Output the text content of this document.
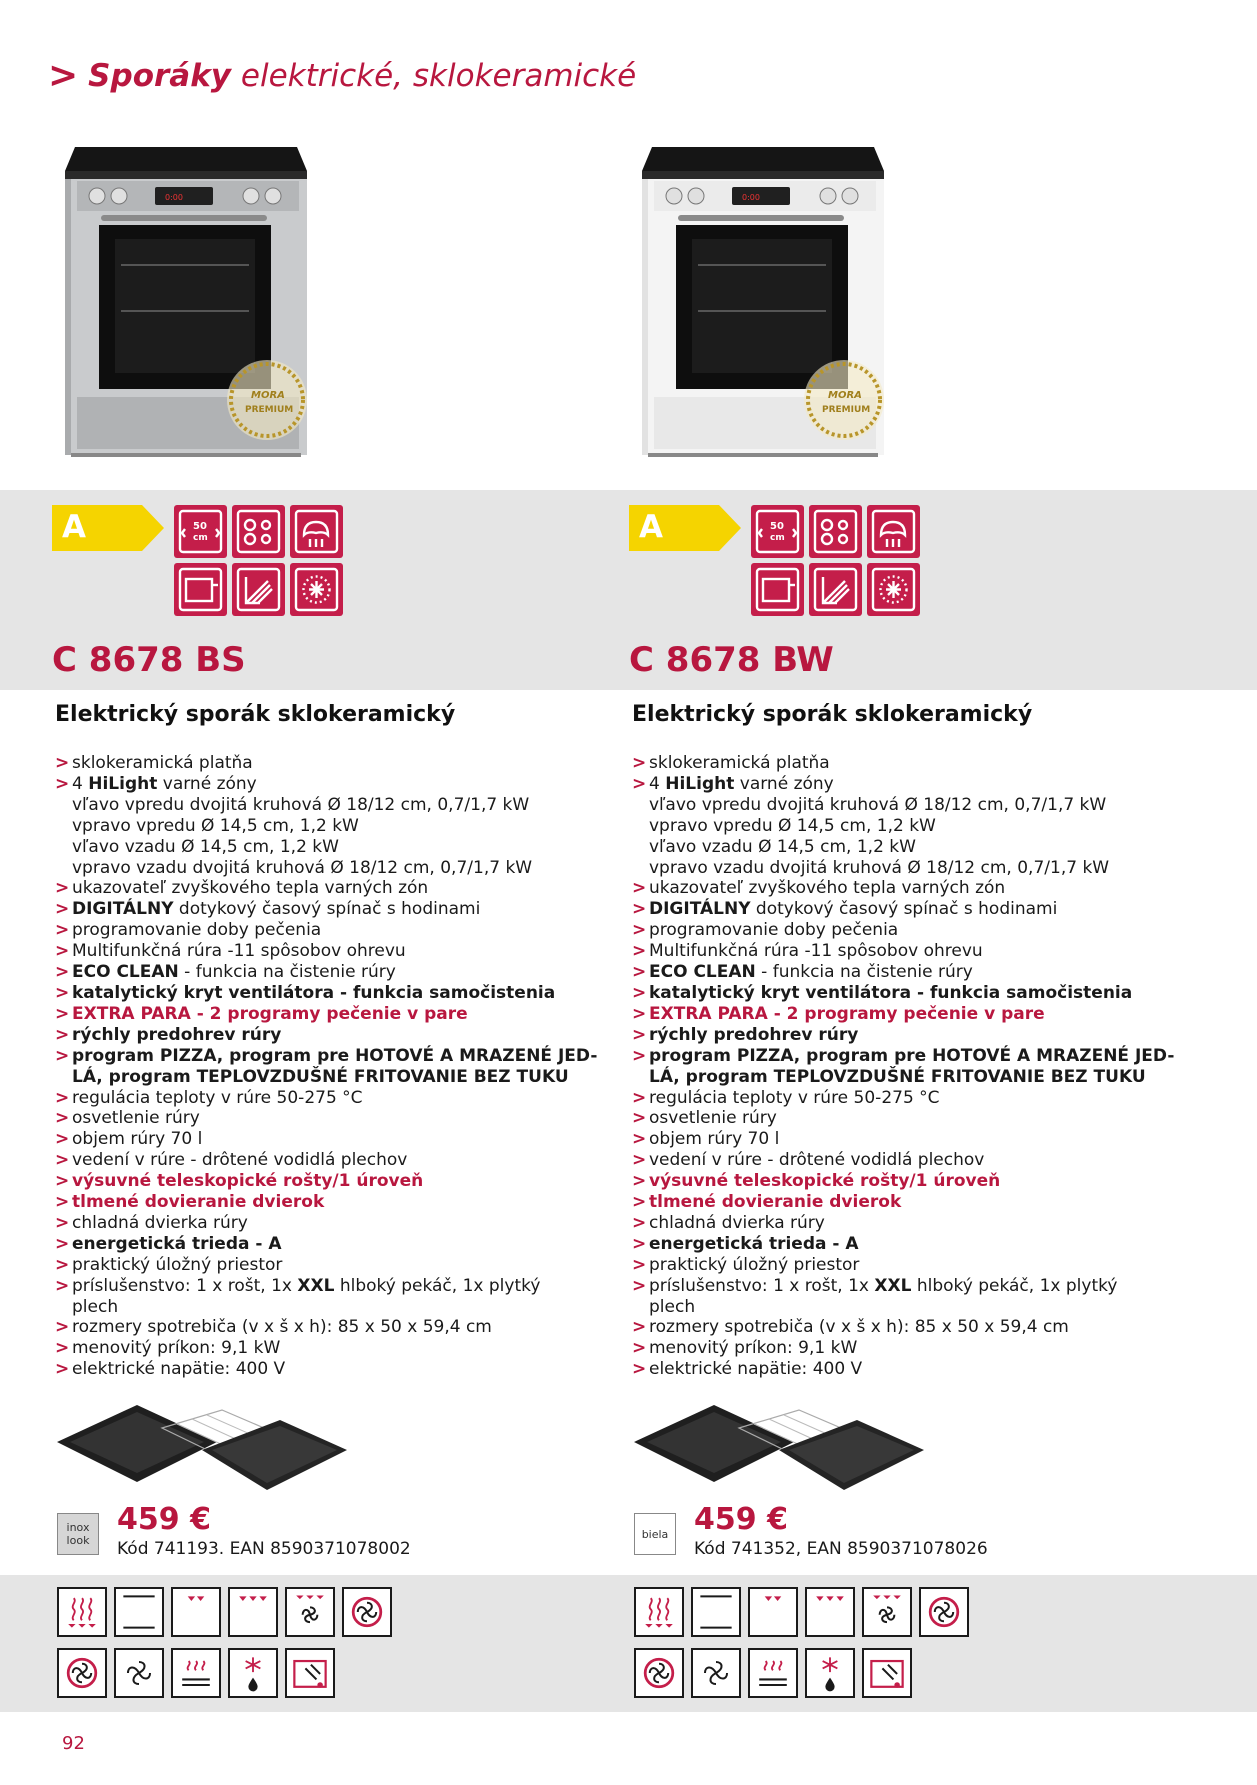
> Sporáky elektrické, sklokeramické
0:00
MORA
PREMIUM
A	50
cm
C 8678 BS
Elektrický sporák sklokeramický
> sklokeramická platňa
> 4 HiLight varné zóny
vľavo vpredu dvojitá kruhová Ø 18/12 cm, 0,7/1,7 kW
vpravo vpredu Ø 14,5 cm, 1,2 kW
vľavo vzadu Ø 14,5 cm, 1,2 kW
vpravo vzadu dvojitá kruhová Ø 18/12 cm, 0,7/1,7 kW
> ukazovateľ zvyškového tepla varných zón
> DIGITÁLNY dotykový časový spínač s hodinami
> programovanie doby pečenia
> Multifunkčná rúra -11 spôsobov ohrevu
> ECO CLEAN - funkcia na čistenie rúry
> katalytický kryt ventilátora - funkcia samočistenia
> EXTRA PARA - 2 programy pečenie v pare
> rýchly predohrev rúry
> program PIZZA, program pre HOTOVÉ A MRAZENÉ JED-
LÁ, program TEPLOVZDUŠNÉ FRITOVANIE BEZ TUKU
> regulácia teploty v rúre 50-275 °C
> osvetlenie rúry
> objem rúry 70 l
> vedení v rúre - drôtené vodidlá plechov
> výsuvné teleskopické rošty/1 úroveň
> tlmené dovieranie dvierok
> chladná dvierka rúry
> energetická trieda - A
> praktický úložný priestor
> príslušenstvo: 1 x rošt, 1x XXL hlboký pekáč, 1x plytký
plech
> rozmery spotrebiča (v x š x h): 85 x 50 x 59,4 cm
> menovitý príkon: 9,1 kW
> elektrické napätie: 400 V
inox
look
459 €
Kód 741193. EAN 8590371078002
0:00
MORA
PREMIUM
A	50
cm
C 8678 BW
Elektrický sporák sklokeramický
> sklokeramická platňa
> 4 HiLight varné zóny
vľavo vpredu dvojitá kruhová Ø 18/12 cm, 0,7/1,7 kW
vpravo vpredu Ø 14,5 cm, 1,2 kW
vľavo vzadu Ø 14,5 cm, 1,2 kW
vpravo vzadu dvojitá kruhová Ø 18/12 cm, 0,7/1,7 kW
> ukazovateľ zvyškového tepla varných zón
> DIGITÁLNY dotykový časový spínač s hodinami
> programovanie doby pečenia
> Multifunkčná rúra -11 spôsobov ohrevu
> ECO CLEAN - funkcia na čistenie rúry
> katalytický kryt ventilátora - funkcia samočistenia
> EXTRA PARA - 2 programy pečenie v pare
> rýchly predohrev rúry
> program PIZZA, program pre HOTOVÉ A MRAZENÉ JED-
LÁ, program TEPLOVZDUŠNÉ FRITOVANIE BEZ TUKU
> regulácia teploty v rúre 50-275 °C
> osvetlenie rúry
> objem rúry 70 l
> vedení v rúre - drôtené vodidlá plechov
> výsuvné teleskopické rošty/1 úroveň
> tlmené dovieranie dvierok
> chladná dvierka rúry
> energetická trieda - A
> praktický úložný priestor
> príslušenstvo: 1 x rošt, 1x XXL hlboký pekáč, 1x plytký
plech
> rozmery spotrebiča (v x š x h): 85 x 50 x 59,4 cm
> menovitý príkon: 9,1 kW
> elektrické napätie: 400 V
biela 459 €
Kód 741352, EAN 8590371078026
92
